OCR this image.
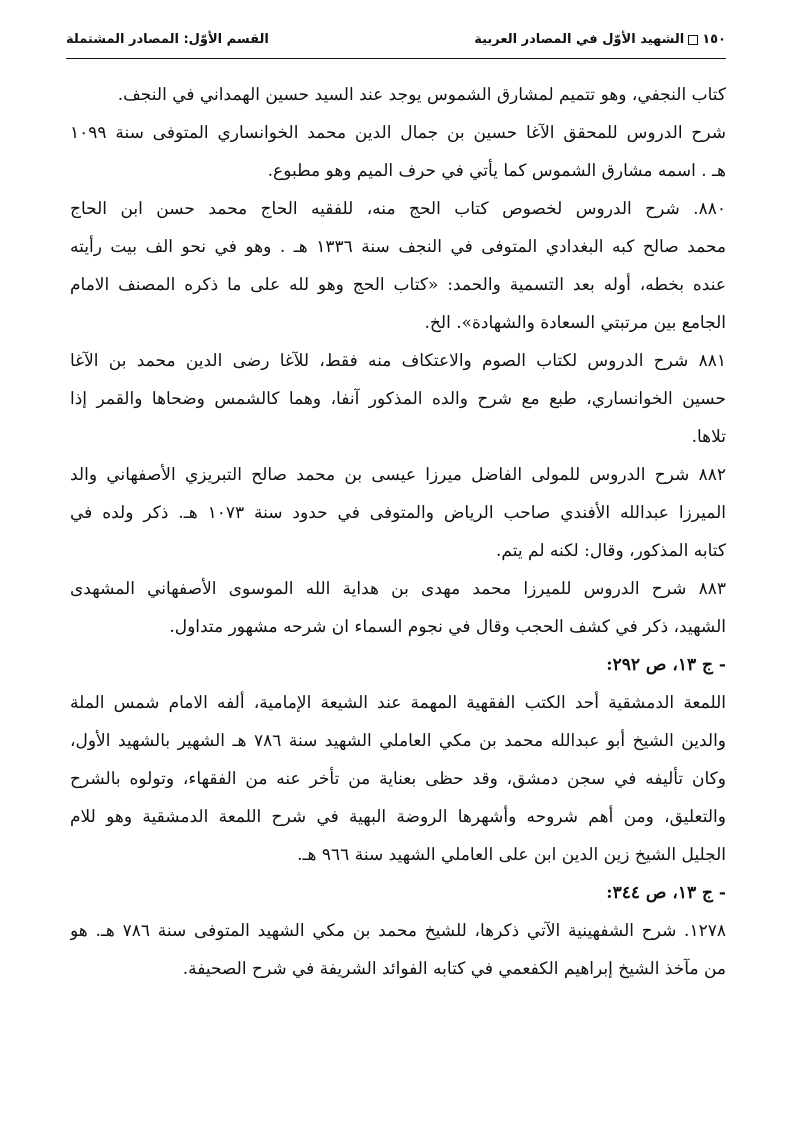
١٥٠الشهيد الأوّل في المصادر العربية
القسم الأوّل: المصادر المشتملة
كتاب النجفي، وهو تتميم لمشارق الشموس يوجد عند السيد حسين الهمداني في النجف.
شرح الدروس للمحقق الآغا حسين بن جمال الدين محمد الخوانساري المتوفى سنة ١٠٩٩
هـ . اسمه مشارق الشموس كما يأتي في حرف الميم وهو مطبوع.
٨٨٠. شرح الدروس لخصوص كتاب الحج منه، للفقيه الحاج محمد حسن ابن الحاج
محمد صالح كبه البغدادي المتوفى في النجف سنة ١٣٣٦ هـ . وهو في نحو الف بيت رأيته
عنده بخطه، أوله بعد التسمية والحمد: «كتاب الحج وهو لله على ما ذكره المصنف الامام
الجامع بين مرتبتي السعادة والشهادة». الخ.
٨٨١ شرح الدروس لكتاب الصوم والاعتكاف منه فقط، للآغا رضى الدين محمد بن الآغا
حسين الخوانساري، طبع مع شرح والده المذكور آنفا، وهما كالشمس وضحاها والقمر إذا
تلاها.
٨٨٢ شرح الدروس للمولى الفاضل ميرزا عيسى بن محمد صالح التبريزي الأصفهاني والد
الميرزا عبدالله الأفندي صاحب الرياض والمتوفى في حدود سنة ١٠٧٣ هـ. ذكر ولده في
كتابه المذكور، وقال: لكنه لم يتم.
٨٨٣ شرح الدروس للميرزا محمد مهدى بن هداية الله الموسوى الأصفهاني المشهدى
الشهيد، ذكر في كشف الحجب وقال في نجوم السماء ان شرحه مشهور متداول.
- ج ١٣، ص ٢٩٢:
اللمعة الدمشقية أحد الكتب الفقهية المهمة عند الشيعة الإمامية، ألفه الامام شمس الملة
والدين الشيخ أبو عبدالله محمد بن مكي العاملي الشهيد سنة ٧٨٦ هـ الشهير بالشهيد الأول،
وكان تأليفه في سجن دمشق، وقد حظى بعناية من تأخر عنه من الفقهاء، وتولوه بالشرح
والتعليق، ومن أهم شروحه وأشهرها الروضة البهية في شرح اللمعة الدمشقية وهو للام
الجليل الشيخ زين الدين ابن على العاملي الشهيد سنة ٩٦٦ هـ.
- ج ١٣، ص ٣٤٤:
١٢٧٨. شرح الشفهينية الآتي ذكرها، للشيخ محمد بن مكي الشهيد المتوفى سنة ٧٨٦ هـ. هو
من مآخذ الشيخ إبراهيم الكفعمي في كتابه الفوائد الشريفة في شرح الصحيفة.
